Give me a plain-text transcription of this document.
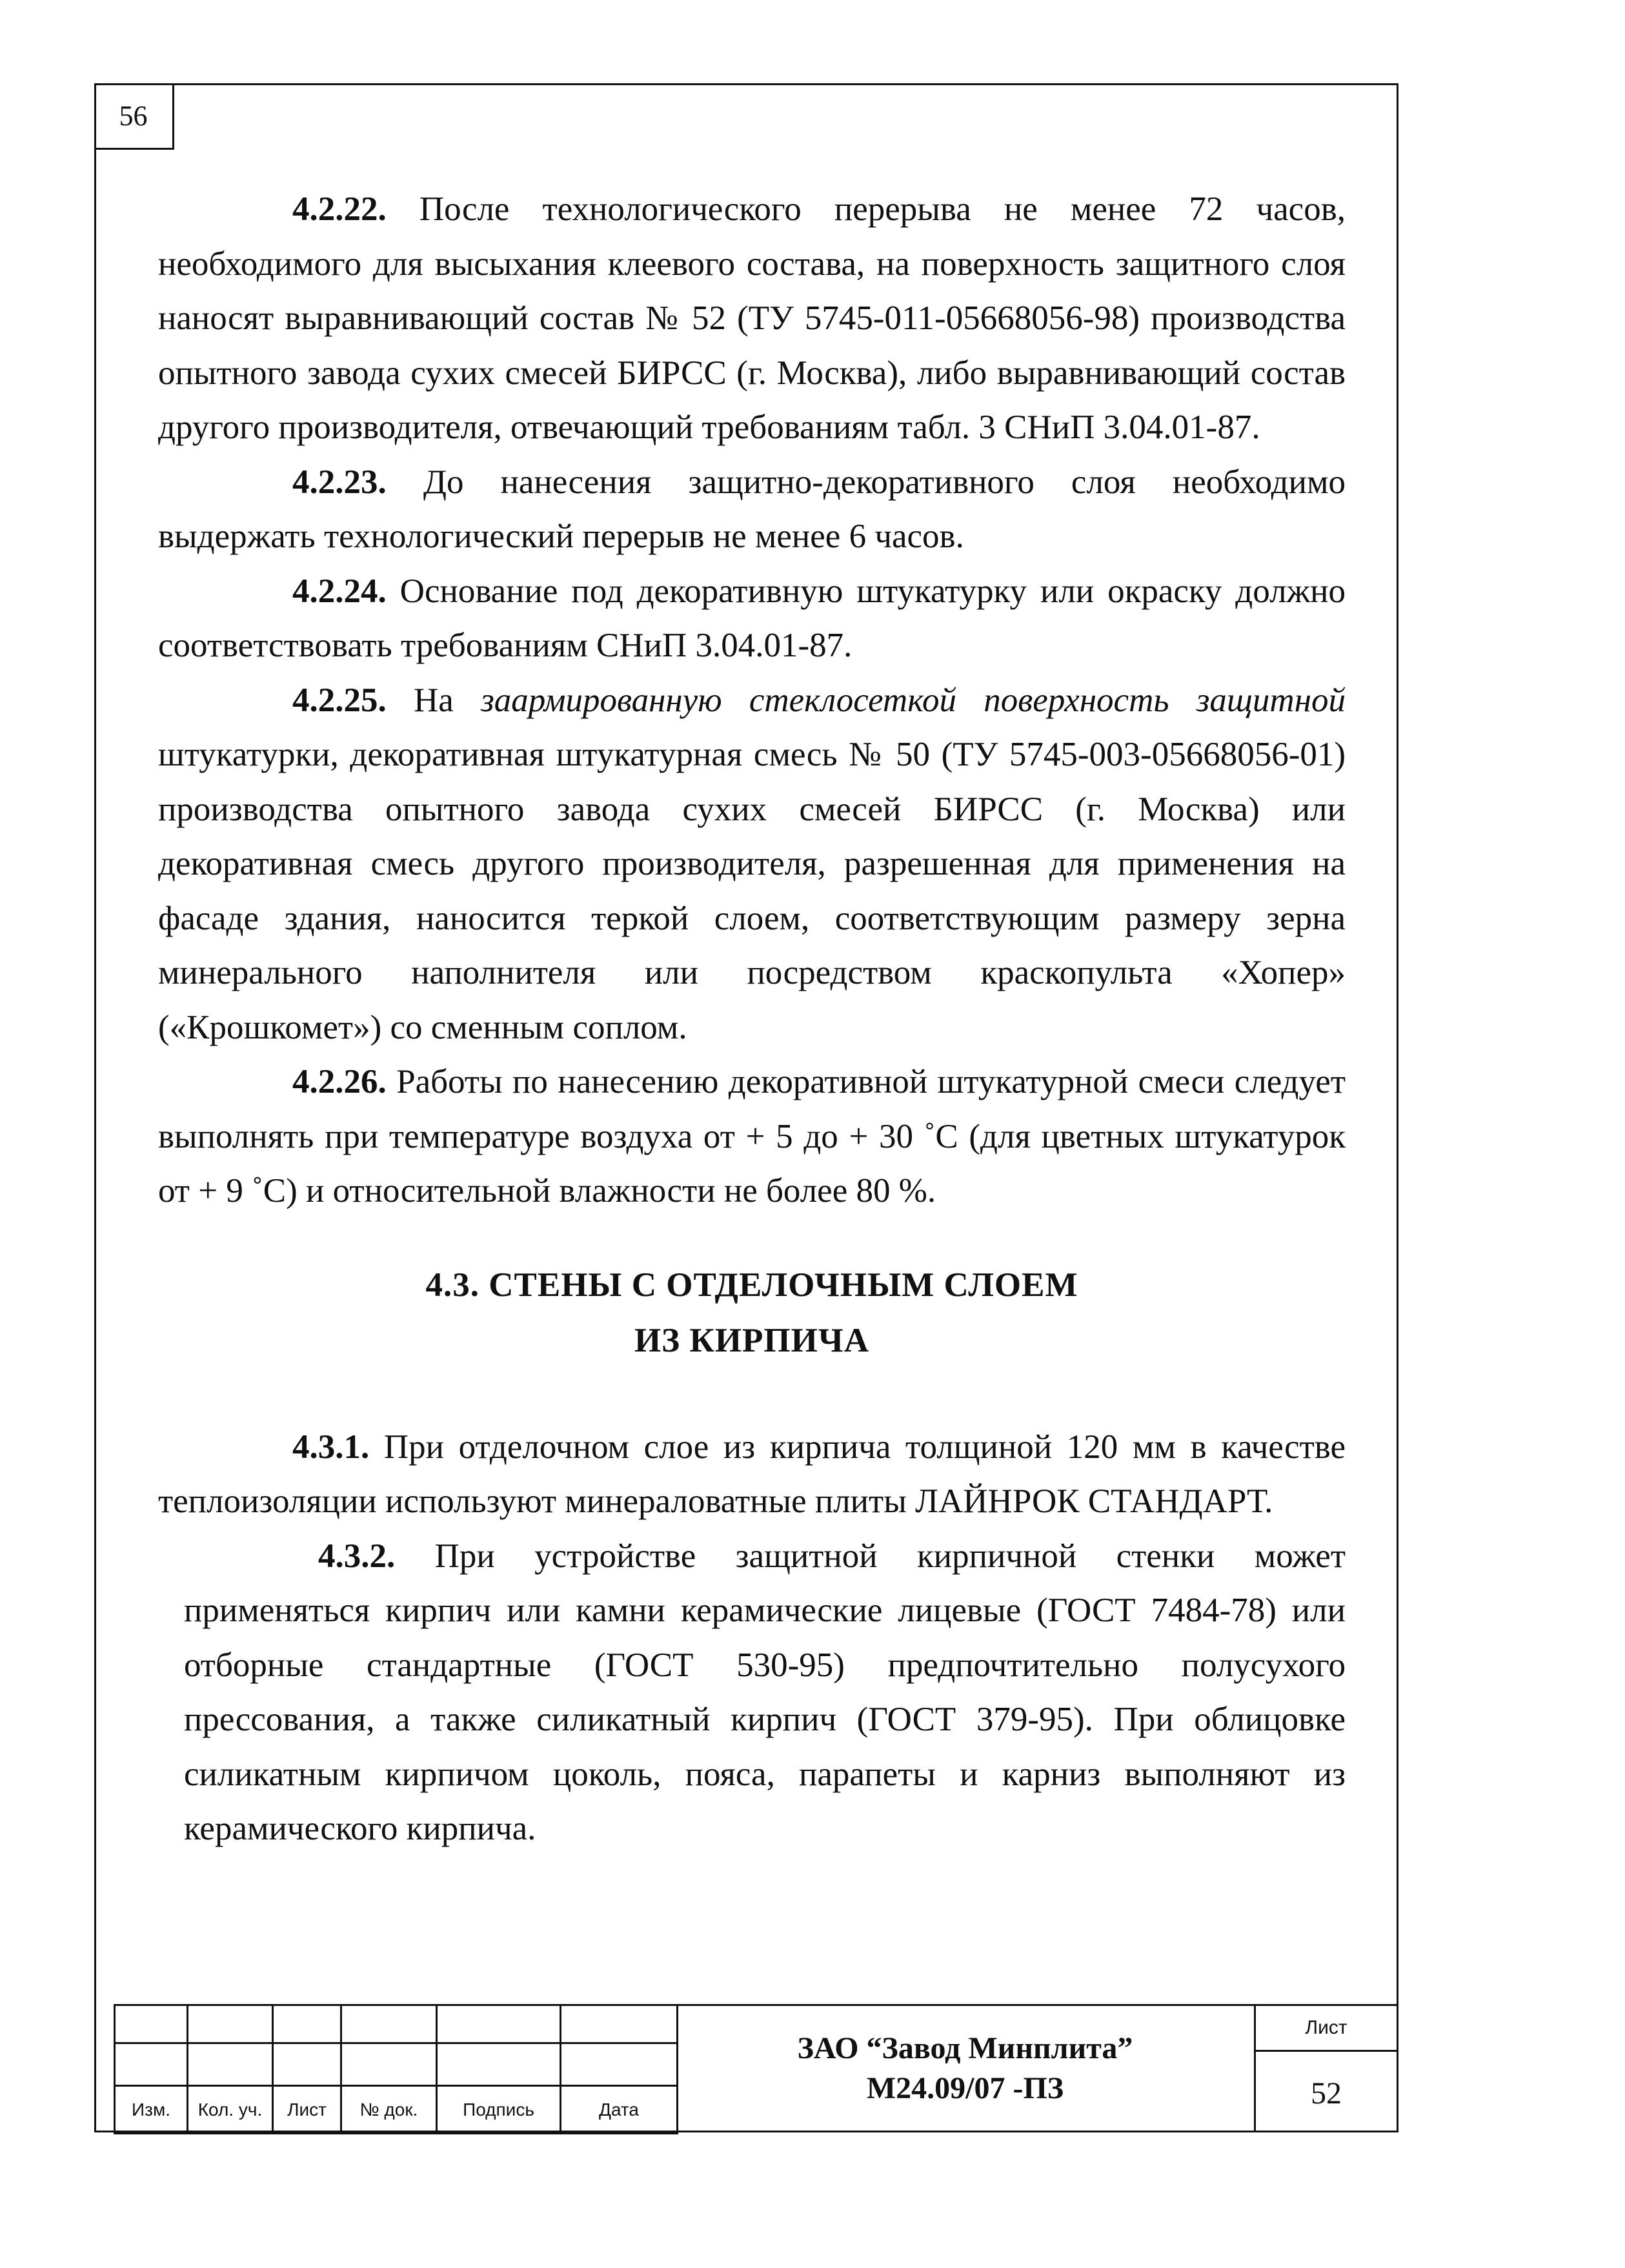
56

4.2.22. После технологического перерыва не менее 72 часов, необходимого для высыхания клеевого состава, на поверхность защитного слоя наносят выравнивающий состав № 52 (ТУ 5745-011-05668056-98) производства опытного завода сухих смесей БИРСС (г. Москва), либо выравнивающий состав другого производителя, отвечающий требованиям табл. 3 СНиП 3.04.01-87.

4.2.23. До нанесения защитно-декоративного слоя необходимо выдержать технологический перерыв не менее 6 часов.

4.2.24. Основание под декоративную штукатурку или окраску должно соответствовать требованиям СНиП 3.04.01-87.

4.2.25. На заармированную стеклосеткой поверхность защитной штукатурки, декоративная штукатурная смесь № 50 (ТУ 5745-003-05668056-01) производства опытного завода сухих смесей БИРСС (г. Москва) или декоративная смесь другого производителя, разрешенная для применения на фасаде здания, наносится теркой слоем, соответствующим размеру зерна минерального наполнителя или посредством краскопульта «Хопер» («Крошкомет») со сменным соплом.

4.2.26. Работы по нанесению декоративной штукатурной смеси следует выполнять при температуре воздуха от + 5 до + 30 ˚С (для цветных штукатурок от + 9 ˚С) и относительной влажности не более 80 %.

4.3. СТЕНЫ С ОТДЕЛОЧНЫМ СЛОЕМ

ИЗ КИРПИЧА

4.3.1. При отделочном слое из кирпича толщиной 120 мм в качестве теплоизоляции используют минераловатные плиты ЛАЙНРОК СТАНДАРТ.

4.3.2. При устройстве защитной кирпичной стенки может применяться кирпич или камни керамические лицевые (ГОСТ 7484-78) или отборные стандартные (ГОСТ 530-95) предпочтительно полусухого прессования, а также силикатный кирпич (ГОСТ 379-95). При облицовке силикатным кирпичом цоколь, пояса, парапеты и карниз выполняют из керамического кирпича.

Изм.	Кол. уч.	Лист	№ док.	Подпись	Дата
ЗАО “Завод Минплита”
М24.09/07 -ПЗ
Лист
52
